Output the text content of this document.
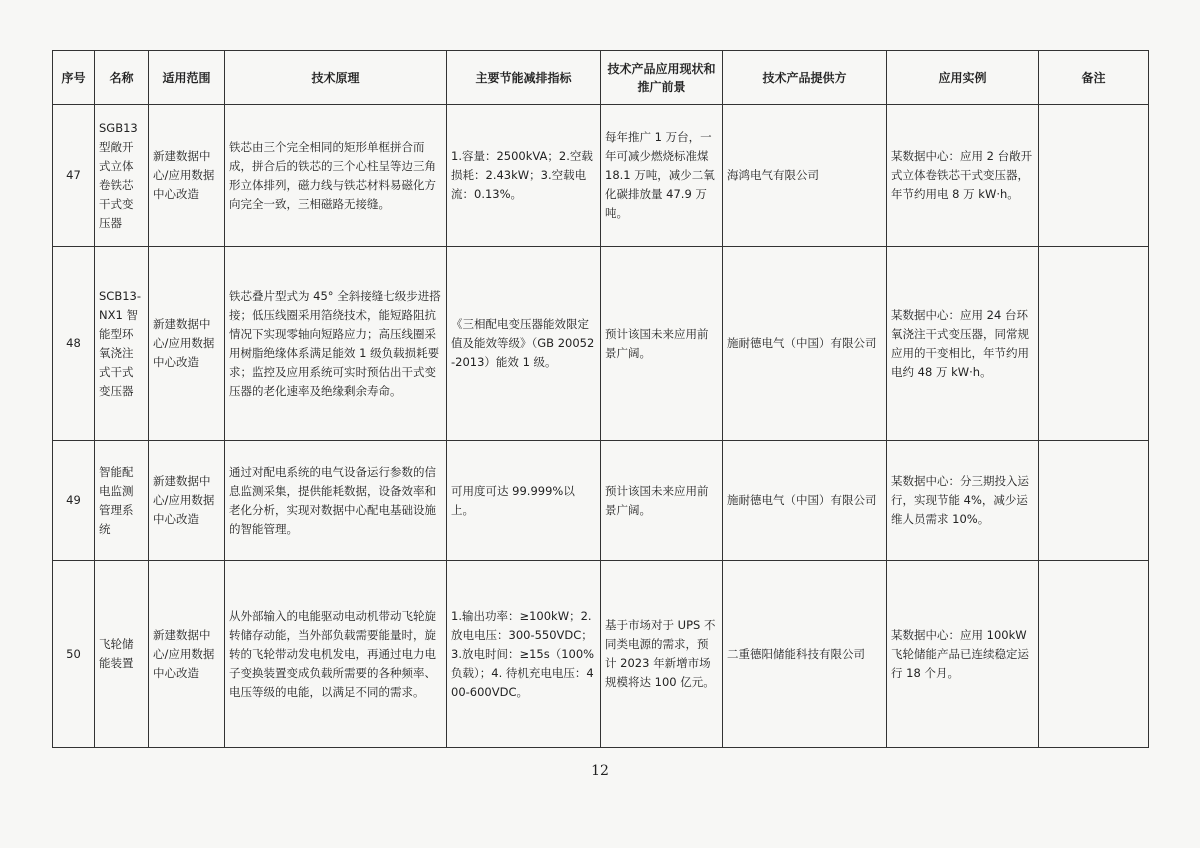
序号	名称	适用范围	技术原理	主要节能减排指标	技术产品应用现状和推广前景	技术产品提供方	应用实例	备注
47	SGB13 型敞开式立体卷铁芯干式变压器	新建数据中心/应用数据中心改造	铁芯由三个完全相同的矩形单框拼合而成，拼合后的铁芯的三个心柱呈等边三角形立体排列，磁力线与铁芯材料易磁化方向完全一致，三相磁路无接缝。	1.容量：2500kVA；2.空载损耗：2.43kW；3.空载电流：0.13%。	每年推广 1 万台，一年可减少燃烧标准煤 18.1 万吨，减少二氧化碳排放量 47.9 万吨。	海鸿电气有限公司	某数据中心：应用 2 台敞开式立体卷铁芯干式变压器，年节约用电 8 万 kW·h。	
48	SCB13-NX1 智能型环氧浇注式干式变压器	新建数据中心/应用数据中心改造	铁芯叠片型式为 45° 全斜接缝七级步进搭接；低压线圈采用箔绕技术，能短路阻抗情况下实现零轴向短路应力；高压线圈采用树脂绝缘体系满足能效 1 级负载损耗要求；监控及应用系统可实时预估出干式变压器的老化速率及绝缘剩余寿命。	《三相配电变压器能效限定值及能效等级》（GB 20052-2013）能效 1 级。	预计该国未来应用前景广阔。	施耐德电气（中国）有限公司	某数据中心：应用 24 台环氧浇注干式变压器，同常规应用的干变相比，年节约用电约 48 万 kW·h。	
49	智能配电监测管理系统	新建数据中心/应用数据中心改造	通过对配电系统的电气设备运行参数的信息监测采集，提供能耗数据，设备效率和老化分析，实现对数据中心配电基础设施的智能管理。	可用度可达 99.999%以上。	预计该国未来应用前景广阔。	施耐德电气（中国）有限公司	某数据中心：分三期投入运行，实现节能 4%，减少运维人员需求 10%。	
50	飞轮储能装置	新建数据中心/应用数据中心改造	从外部输入的电能驱动电动机带动飞轮旋转储存动能，当外部负载需要能量时，旋转的飞轮带动发电机发电，再通过电力电子变换装置变成负载所需要的各种频率、电压等级的电能，以满足不同的需求。	1.输出功率：≥100kW；2. 放电电压：300-550VDC；3.放电时间：≥15s（100%负载）；4. 待机充电电压：400-600VDC。	基于市场对于 UPS 不同类电源的需求，预计 2023 年新增市场规模将达 100 亿元。	二重德阳储能科技有限公司	某数据中心：应用 100kW 飞轮储能产品已连续稳定运行 18 个月。	
12
